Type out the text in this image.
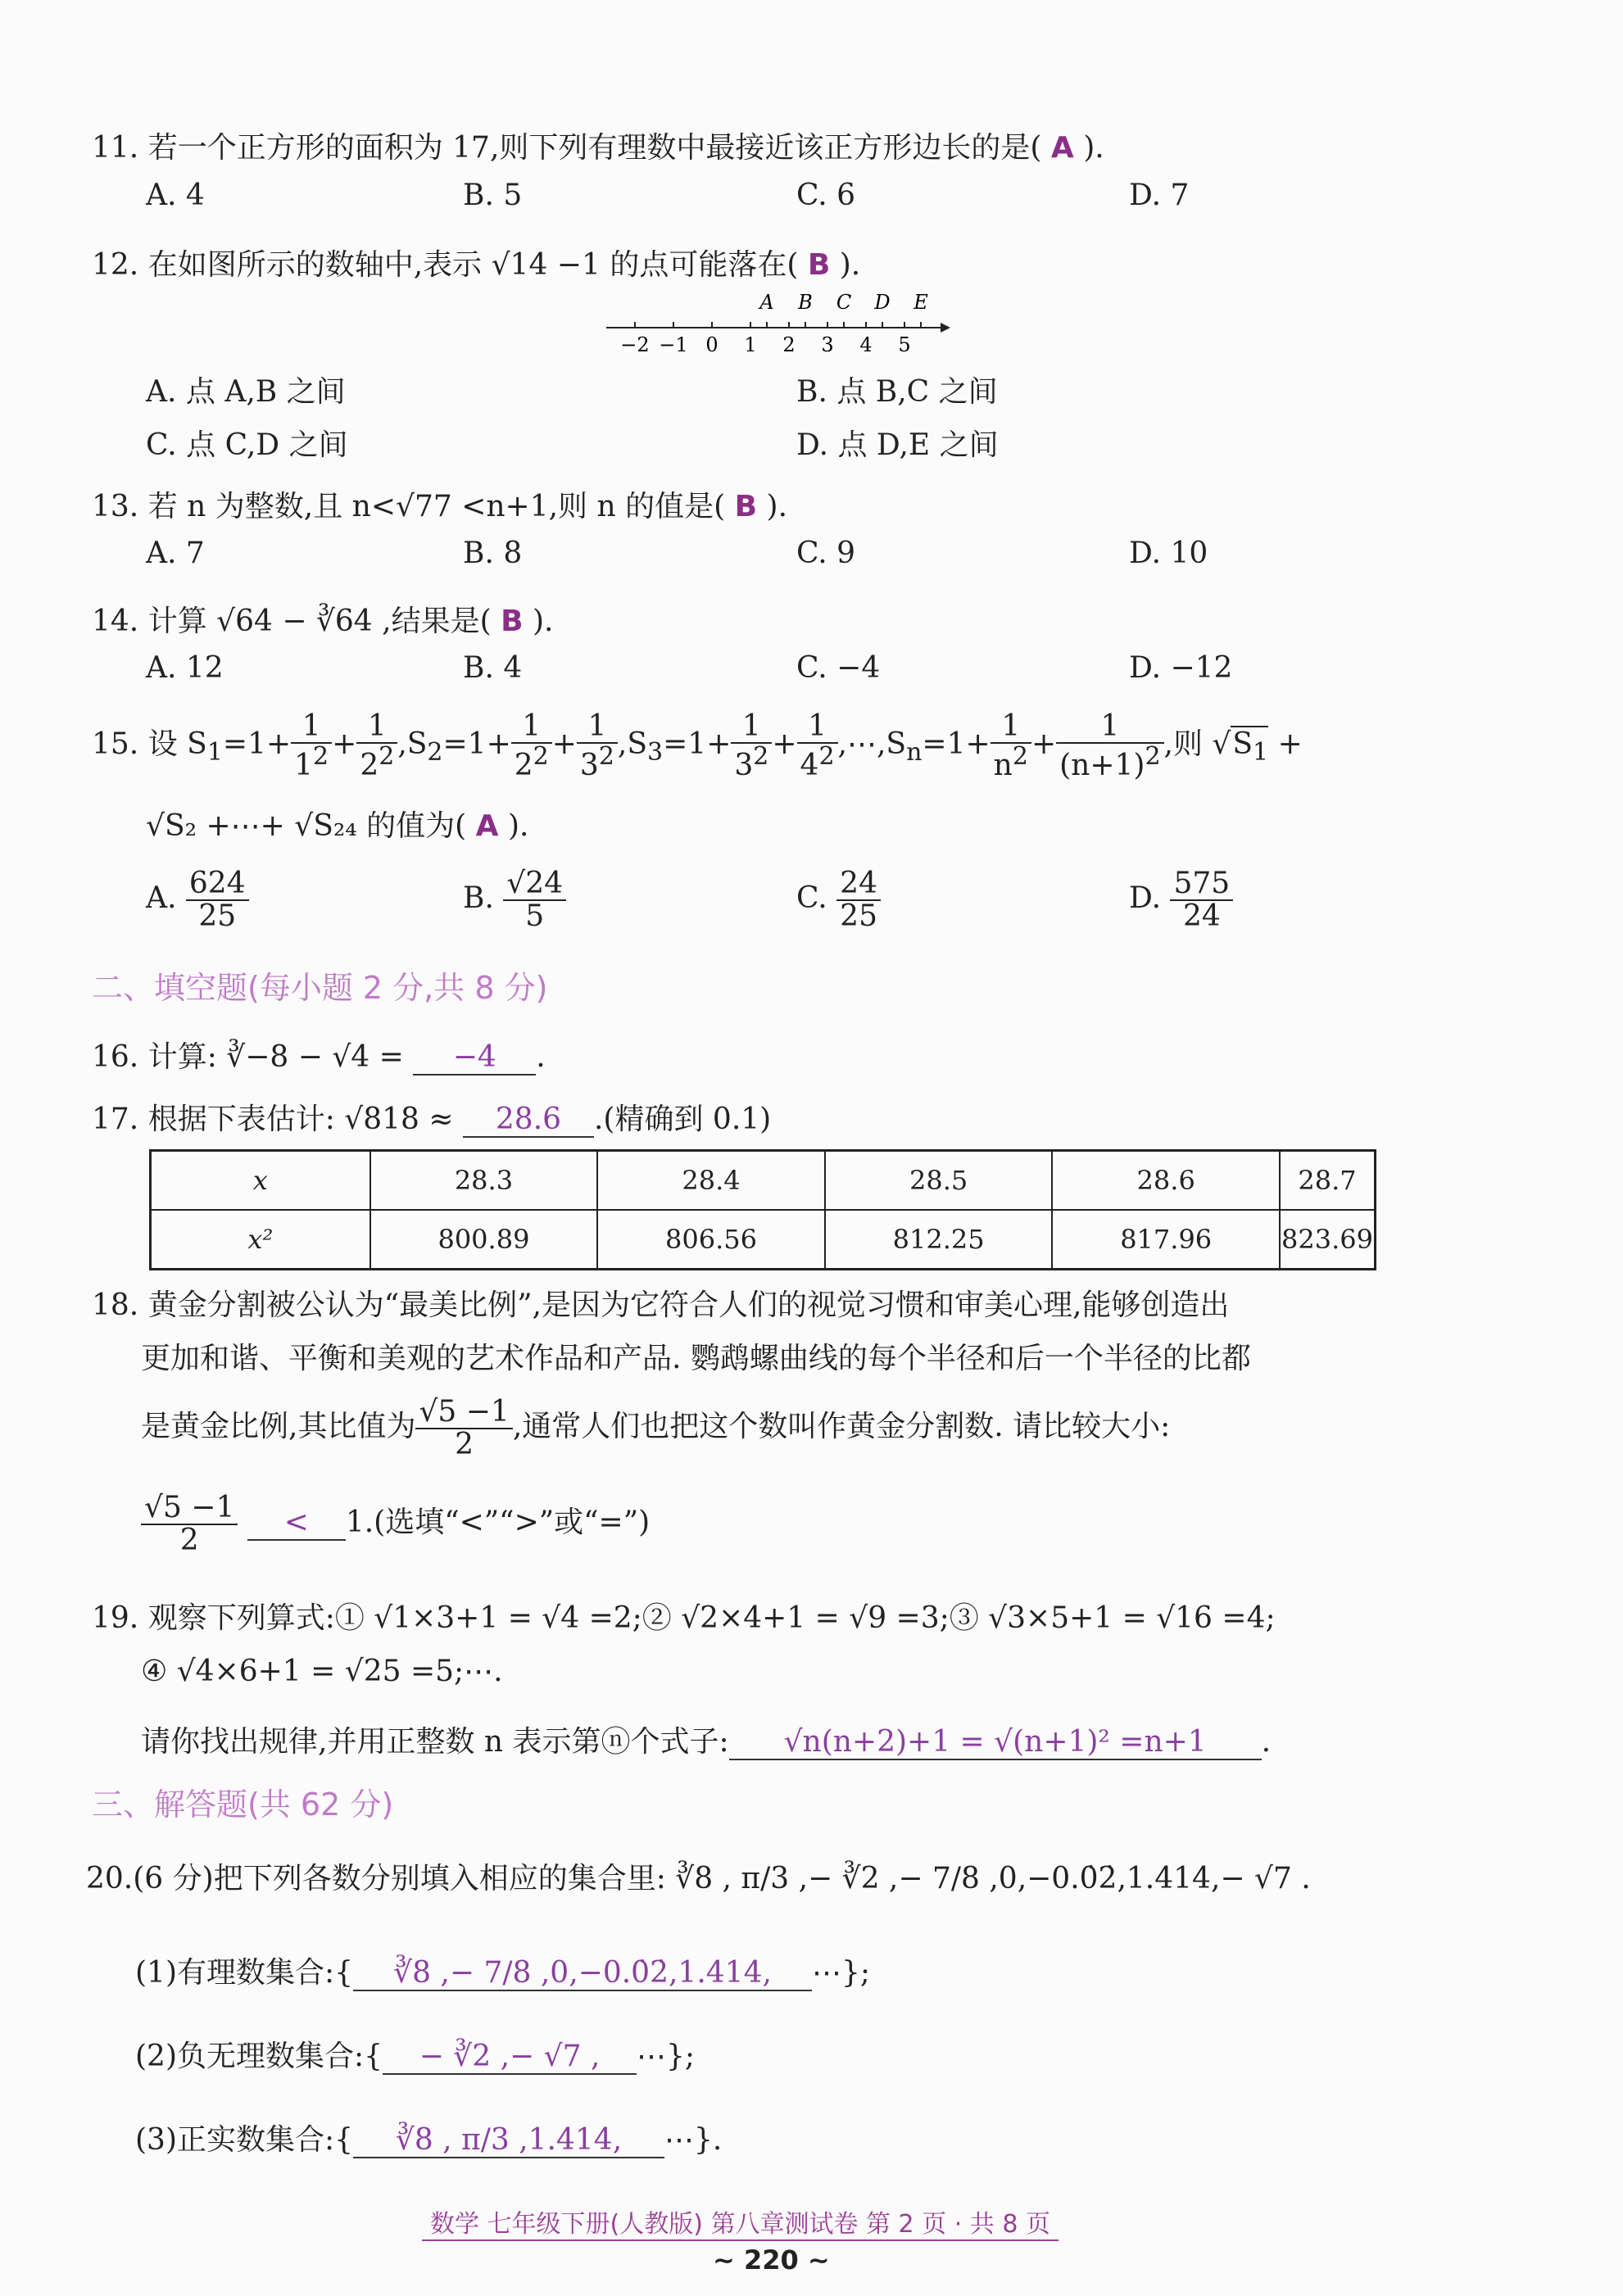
11. 若一个正方形的面积为 17,则下列有理数中最接近该正方形边长的是( A ).
A. 4	B. 5	C. 6	D. 7
12. 在如图所示的数轴中,表示 √14 −1 的点可能落在( B ).
−2 −1 0 1 2 3 4 5
A B C D E
A. 点 A,B 之间	B. 点 B,C 之间
C. 点 C,D 之间	D. 点 D,E 之间
13. 若 n 为整数,且 n<√77 <n+1,则 n 的值是( B ).
A. 7	B. 8	C. 9	D. 10
14. 计算 √64 − ∛64 ,结果是( B ).
A. 12	B. 4	C. −4	D. −12
15. 设 $S_1=1+ \frac{1}{1^2} + \frac{1}{2^2} ,S_2=1+ \frac{1}{2^2} + \frac{1}{3^2} ,S_3=1+ \frac{1}{3^2} + \frac{1}{4^2}$ $,\cdots,S_n=1+ \frac{1}{n^2} + \frac{1}{(n+1)^2}$ ,则 $√S_1$ +
√S₂ +⋯+ √S₂₄ 的值为( A ).
A. $\frac{624}{25}$	B. $\frac{√24}{5}$	C. $\frac{24}{25}$	D. $\frac{575}{24}$
二、填空题(每小题 2 分,共 8 分)
16. 计算: ∛−8 − √4 = −4 .
17. 根据下表估计: √818 ≈ 28.6 .(精确到 0.1)
x	28.3	28.4	28.5	28.6	28.7
x²	800.89	806.56	812.25	817.96	823.69
18. 黄金分割被公认为“最美比例”,是因为它符合人们的视觉习惯和审美心理,能够创造出
更加和谐、平衡和美观的艺术作品和产品. 鹦鹉螺曲线的每个半径和后一个半径的比都
是黄金比例,其比值为 $\frac{√5 -1}{2}$ ,通常人们也把这个数叫作黄金分割数. 请比较大小:
$\frac{√5 -1}{2} < 1$.(选填“<”“>”或“=”)
19. 观察下列算式:① √1×3+1 = √4 =2;② √2×4+1 = √9 =3;③ √3×5+1 = √16 =4;
④ √4×6+1 = √25 =5;⋯.
请你找出规律,并用正整数 n 表示第ⓝ个式子: √n(n+2)+1 = √(n+1)² =n+1 .
三、解答题(共 62 分)
20.(6 分)把下列各数分别填入相应的集合里: ∛8 , π/3 ,− ∛2 ,− 7/8 ,0,−0.0̇2̇,1.414,− √7 .
(1)有理数集合:{ ∛8 ,− 7/8 ,0,−0.0̇2̇,1.414, ⋯};
(2)负无理数集合:{ − ∛2 ,− √7 , ⋯};
(3)正实数集合:{ ∛8 , π/3 ,1.414, ⋯}.
数学 七年级下册(人教版) 第八章测试卷 第 2 页 · 共 8 页
~ 220 ~
